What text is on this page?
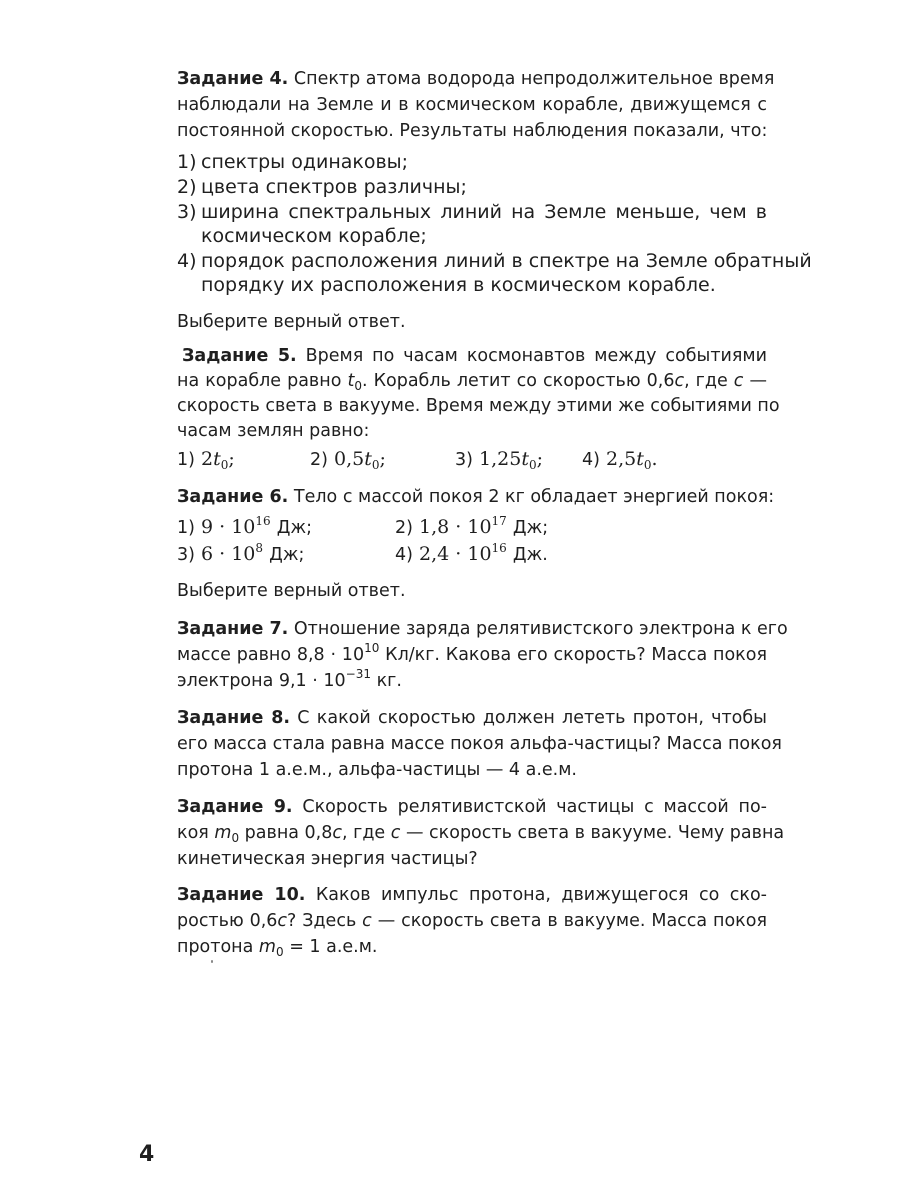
Задание 4. Спектр атома водорода непродолжительное время
наблюдали на Земле и в космическом корабле, движущемся с
постоянной скоростью. Результаты наблюдения показали, что:
1) спектры одинаковы;
2) цвета спектров различны;
3) ширина спектральных линий на Земле меньше, чем в
космическом корабле;
4) порядок расположения линий в спектре на Земле обратный
порядку их расположения в космическом корабле.
Выберите верный ответ.
Задание 5. Время по часам космонавтов между событиями
на корабле равно $t_0$. Корабль летит со скоростью 0,6c, где c —
скорость света в вакууме. Время между этими же событиями по
часам землян равно:
1) $2t_0$;	2) $0,5t_0$;	3) $1,25t_0$; 4) $2,5t_0$.
Задание 6. Тело с массой покоя 2 кг обладает энергией покоя:
1) $9 \cdot 10^{16}$ Дж;	2) $1,8 \cdot 10^{17}$ Дж;
3) $6 \cdot 10^8$ Дж;	4) $2,4 \cdot 10^{16}$ Дж.
Выберите верный ответ.
Задание 7. Отношение заряда релятивистского электрона к его
массе равно $8,8 \cdot 10^{10}$ Кл/кг. Какова его скорость? Масса покоя
электрона $9,1 \cdot 10^{-31}$ кг.
Задание 8. С какой скоростью должен лететь протон, чтобы
его масса стала равна массе покоя альфа-частицы? Масса покоя
протона 1 а.е.м., альфа-частицы — 4 а.е.м.
Задание 9. Скорость релятивистской частицы с массой по-
коя $m_0$ равна 0,8c, где c — скорость света в вакууме. Чему равна
кинетическая энергия частицы?
Задание 10. Каков импульс протона, движущегося со ско-
ростью 0,6c? Здесь c — скорость света в вакууме. Масса покоя
протона $m_0 = 1$ а.е.м.
4
